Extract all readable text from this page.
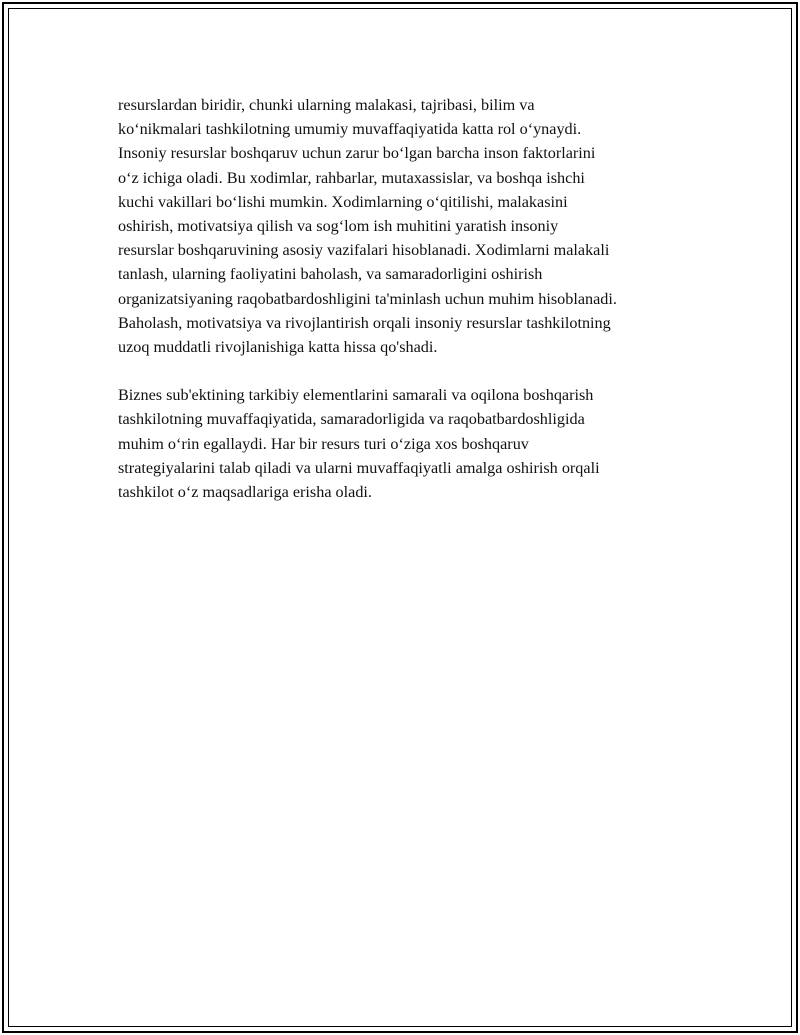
resurslardan biridir, chunki ularning malakasi, tajribasi, bilim va
ko‘nikmalari tashkilotning umumiy muvaffaqiyatida katta rol o‘ynaydi.
Insoniy resurslar boshqaruv uchun zarur bo‘lgan barcha inson faktorlarini
o‘z ichiga oladi. Bu xodimlar, rahbarlar, mutaxassislar, va boshqa ishchi
kuchi vakillari bo‘lishi mumkin. Xodimlarning o‘qitilishi, malakasini
oshirish, motivatsiya qilish va sog‘lom ish muhitini yaratish insoniy
resurslar boshqaruvining asosiy vazifalari hisoblanadi. Xodimlarni malakali
tanlash, ularning faoliyatini baholash, va samaradorligini oshirish
organizatsiyaning raqobatbardoshligini ta'minlash uchun muhim hisoblanadi.
Baholash, motivatsiya va rivojlantirish orqali insoniy resurslar tashkilotning
uzoq muddatli rivojlanishiga katta hissa qo'shadi.

Biznes sub'ektining tarkibiy elementlarini samarali va oqilona boshqarish
tashkilotning muvaffaqiyatida, samaradorligida va raqobatbardoshligida
muhim o‘rin egallaydi. Har bir resurs turi o‘ziga xos boshqaruv
strategiyalarini talab qiladi va ularni muvaffaqiyatli amalga oshirish orqali
tashkilot o‘z maqsadlariga erisha oladi.
